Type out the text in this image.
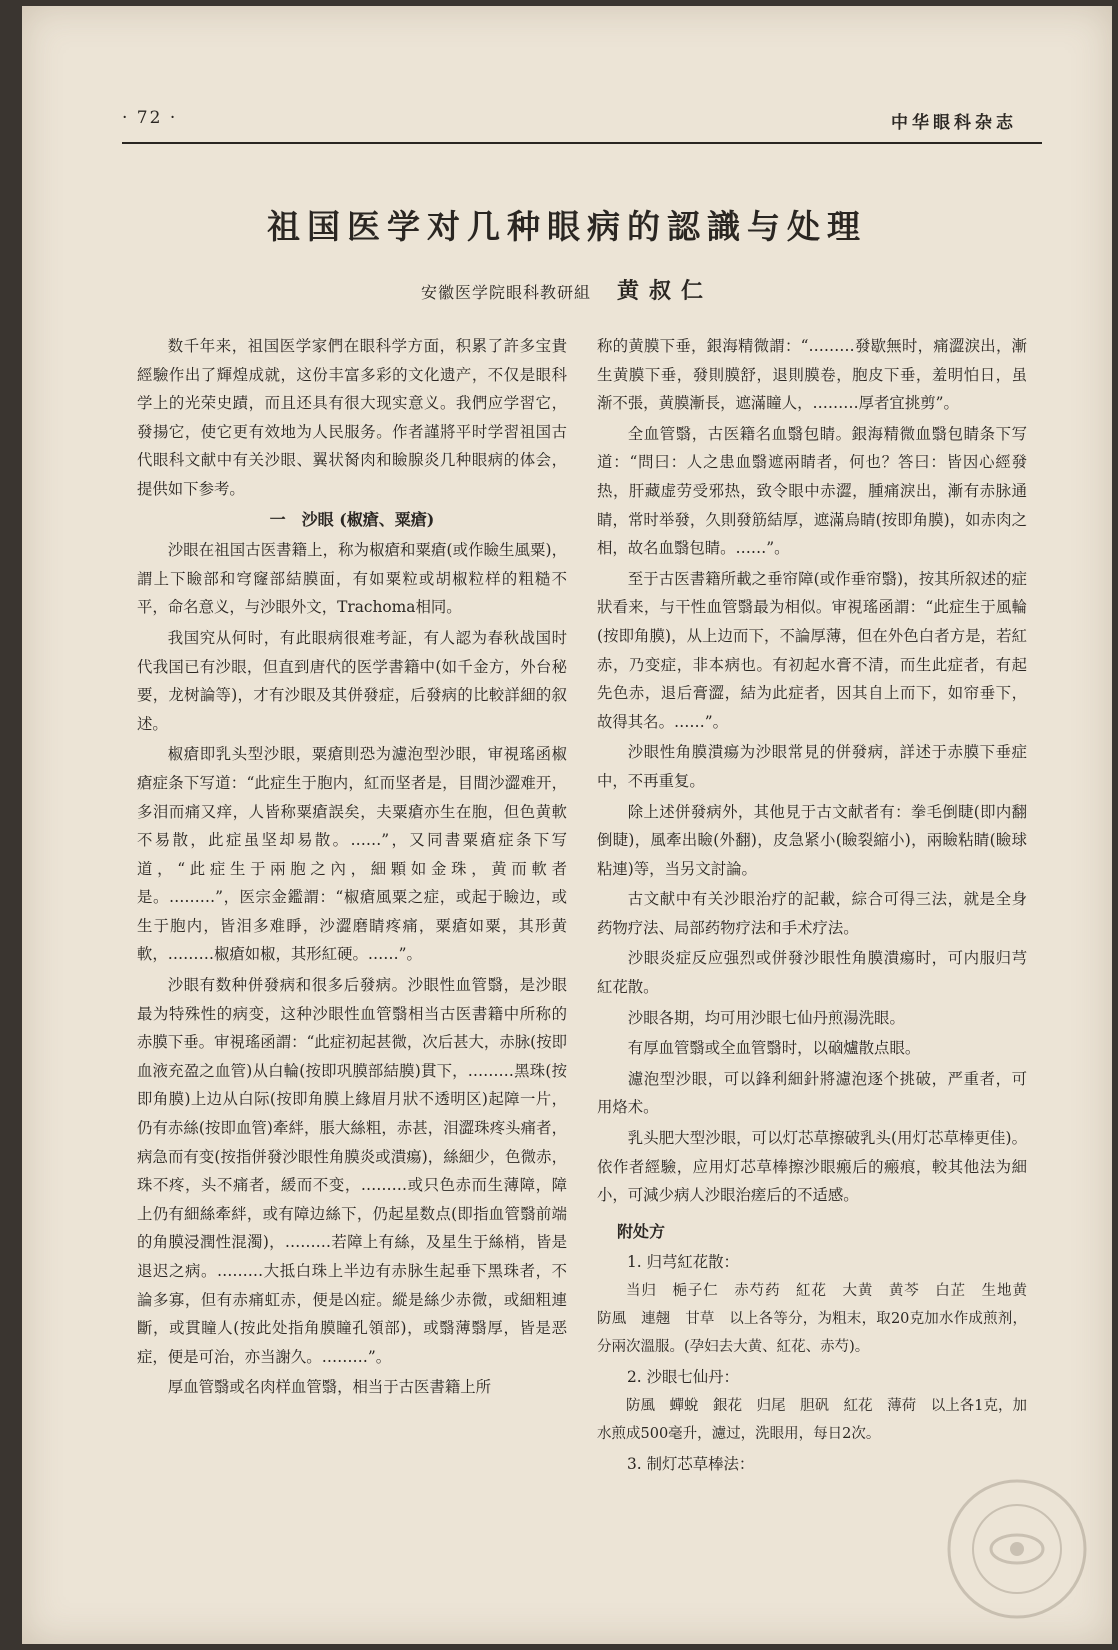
· 72 ·	中华眼科杂志
祖国医学对几种眼病的認識与处理
安徽医学院眼科教研組 黄叔仁

数千年来，祖国医学家們在眼科学方面，积累了許多宝貴經驗作出了輝煌成就，这份丰富多彩的文化遗产，不仅是眼科学上的光荣史蹟，而且还具有很大现实意义。我們应学習它，發揚它，使它更有效地为人民服务。作者謹將平时学習祖国古代眼科文献中有关沙眼、翼状胬肉和瞼腺炎几种眼病的体会，提供如下参考。

一　沙眼 (椒瘡、粟瘡)

沙眼在祖国古医書籍上，称为椒瘡和粟瘡(或作瞼生風粟)，謂上下瞼部和穹窿部結膜面，有如粟粒或胡椒粒样的粗糙不平，命名意义，与沙眼外文，Trachoma相同。

我国究从何时，有此眼病很难考証，有人認为春秋战国时代我国已有沙眼，但直到唐代的医学書籍中(如千金方，外台秘要，龙树論等)，才有沙眼及其併發症，后發病的比較詳細的叙述。

椒瘡即乳头型沙眼，粟瘡則恐为濾泡型沙眼，审視瑤函椒瘡症条下写道：“此症生于胞内，紅而坚者是，目間沙澀难开，多泪而痛又痒，人皆称粟瘡誤矣，夫粟瘡亦生在胞，但色黄軟不易散，此症虽坚却易散。……”，又同書粟瘡症条下写道，“此症生于兩胞之內，細顆如金珠，黄而軟者是。………”，医宗金鑑謂：“椒瘡風粟之症，或起于瞼边，或生于胞内，皆泪多难睜，沙澀磨睛疼痛，粟瘡如粟，其形黄軟，………椒瘡如椒，其形紅硬。……”。

沙眼有数种併發病和很多后發病。沙眼性血管翳，是沙眼最为特殊性的病变，这种沙眼性血管翳相当古医書籍中所称的赤膜下垂。审視瑤函謂：“此症初起甚微，次后甚大，赤脉(按即血液充盈之血管)从白輪(按即巩膜部結膜)貫下，………黑珠(按即角膜)上边从白际(按即角膜上緣眉月狀不透明区)起障一片，仍有赤絲(按即血管)牽絆，脹大絲粗，赤甚，泪澀珠疼头痛者，病急而有变(按指併發沙眼性角膜炎或潰瘍)，絲細少，色微赤，珠不疼，头不痛者，緩而不变，………或只色赤而生薄障，障上仍有細絲牽絆，或有障边絲下，仍起星数点(即指血管翳前端的角膜浸潤性混濁)，………若障上有絲，及星生于絲梢，皆是退迟之病。………大抵白珠上半边有赤脉生起垂下黑珠者，不論多寡，但有赤痛虹赤，便是凶症。縱是絲少赤微，或細粗連斷，或貫瞳人(按此处指角膜瞳孔領部)，或翳薄翳厚，皆是恶症，便是可治，亦当謝久。………”。

厚血管翳或名肉样血管翳，相当于古医書籍上所

称的黄膜下垂，銀海精微謂：“………發歇無时，痛澀淚出，漸生黄膜下垂，發則膜舒，退則膜卷，胞皮下垂，羞明怕日，虽渐不張，黄膜漸長，遮滿瞳人，………厚者宜挑剪”。

全血管翳，古医籍名血翳包睛。銀海精微血翳包睛条下写道：“問曰：人之患血翳遮兩睛者，何也？答曰：皆因心經發热，肝藏虚劳受邪热，致令眼中赤澀，腫痛淚出，漸有赤脉通睛，常时举發，久則發筋結厚，遮滿烏睛(按即角膜)，如赤肉之相，故名血翳包睛。……”。

至于古医書籍所載之垂帘障(或作垂帘翳)，按其所叙述的症狀看来，与干性血管翳最为相似。审視瑤函謂：“此症生于風輪(按即角膜)，从上边而下，不論厚薄，但在外色白者方是，若紅赤，乃变症，非本病也。有初起水膏不清，而生此症者，有起先色赤，退后膏澀，結为此症者，因其自上而下，如帘垂下，故得其名。……”。

沙眼性角膜潰瘍为沙眼常見的併發病，詳述于赤膜下垂症中，不再重复。

除上述併發病外，其他見于古文献者有：拳毛倒睫(即内翻倒睫)，風牽出瞼(外翻)，皮急紧小(瞼裂縮小)，兩瞼粘睛(瞼球粘連)等，当另文討論。

古文献中有关沙眼治疗的記載，綜合可得三法，就是全身药物疗法、局部药物疗法和手术疗法。

沙眼炎症反应强烈或併發沙眼性角膜潰瘍时，可内服归芎紅花散。

沙眼各期，均可用沙眼七仙丹煎湯洗眼。

有厚血管翳或全血管翳时，以硇爐散点眼。

濾泡型沙眼，可以鋒利細針將濾泡逐个挑破，严重者，可用烙术。

乳头肥大型沙眼，可以灯芯草擦破乳头(用灯芯草棒更佳)。依作者經驗，应用灯芯草棒擦沙眼瘢后的瘢痕，較其他法为細小，可減少病人沙眼治瘥后的不适感。

附处方
1. 归芎紅花散：

当归　梔子仁　赤芍药　紅花　大黄　黄芩　白芷　生地黄　防風　連翹　甘草　以上各等分，为粗末，取20克加水作成煎剂，分兩次溫服。(孕妇去大黄、紅花、赤芍)。

2. 沙眼七仙丹：

防風　蟬蛻　銀花　归尾　胆矾　紅花　薄荷　以上各1克，加水煎成500毫升，濾过，洗眼用，每日2次。

3. 制灯芯草棒法：
